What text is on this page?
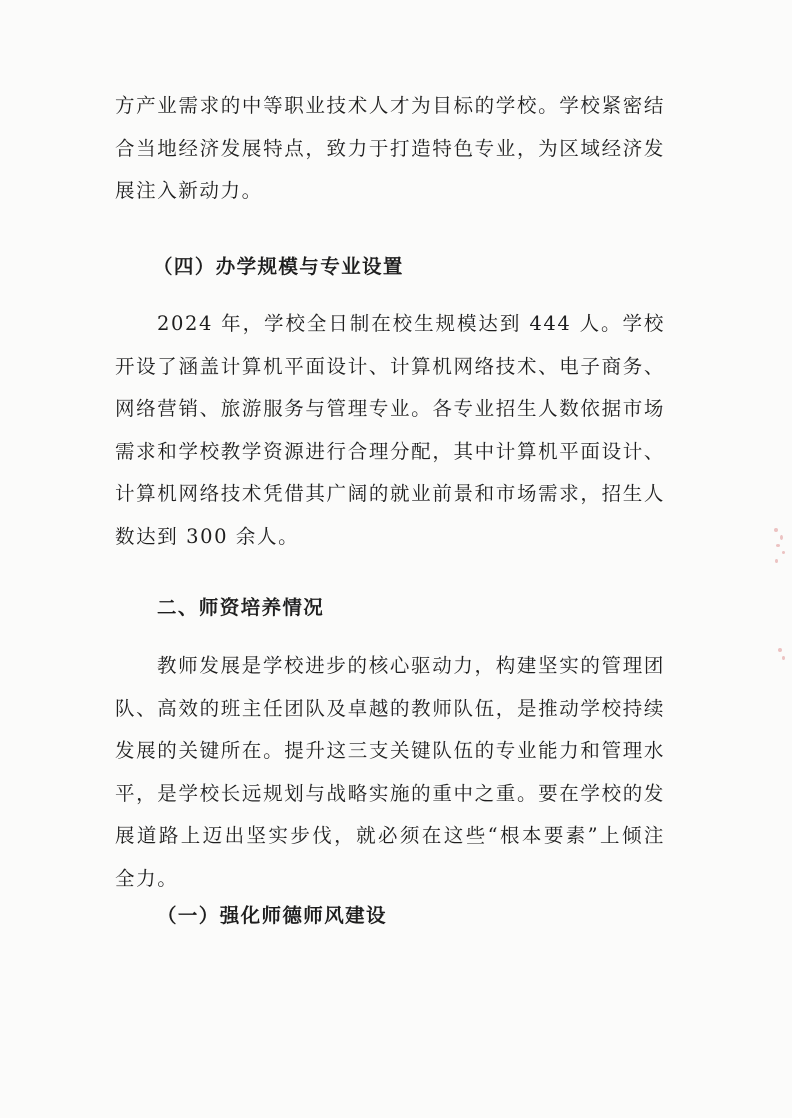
方产业需求的中等职业技术人才为目标的学校。学校紧密结合当地经济发展特点，致力于打造特色专业，为区域经济发展注入新动力。

（四）办学规模与专业设置

2024 年，学校全日制在校生规模达到 444 人。学校开设了涵盖计算机平面设计、计算机网络技术、电子商务、网络营销、旅游服务与管理专业。各专业招生人数依据市场需求和学校教学资源进行合理分配，其中计算机平面设计、计算机网络技术凭借其广阔的就业前景和市场需求，招生人数达到 300 余人。

二、师资培养情况

教师发展是学校进步的核心驱动力，构建坚实的管理团队、高效的班主任团队及卓越的教师队伍，是推动学校持续发展的关键所在。提升这三支关键队伍的专业能力和管理水平，是学校长远规划与战略实施的重中之重。要在学校的发展道路上迈出坚实步伐，就必须在这些“根本要素”上倾注全力。

（一）强化师德师风建设
